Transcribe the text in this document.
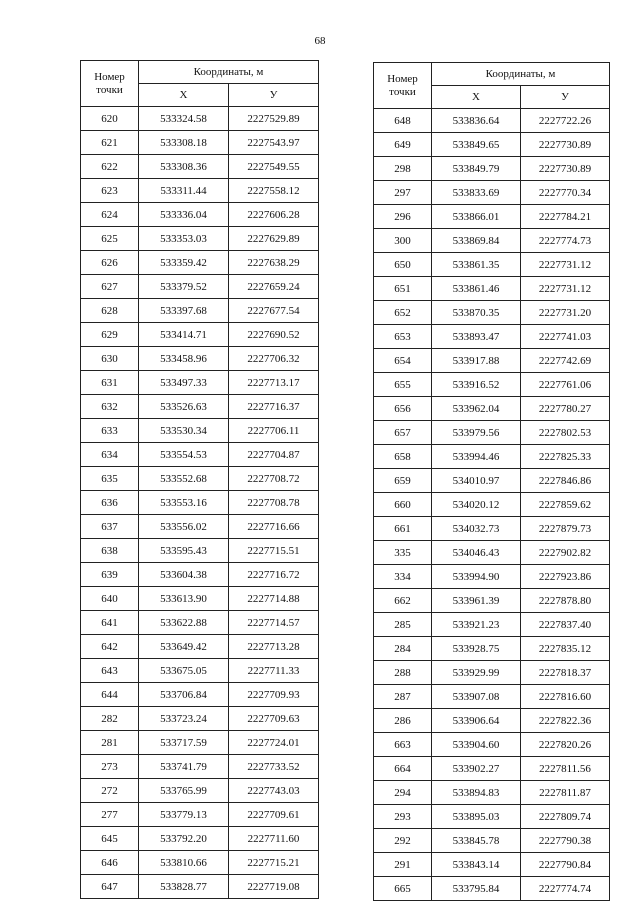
68
Номер
точки	Координаты, м	
	Х	У
620	533324.58	2227529.89
621	533308.18	2227543.97
622	533308.36	2227549.55
623	533311.44	2227558.12
624	533336.04	2227606.28
625	533353.03	2227629.89
626	533359.42	2227638.29
627	533379.52	2227659.24
628	533397.68	2227677.54
629	533414.71	2227690.52
630	533458.96	2227706.32
631	533497.33	2227713.17
632	533526.63	2227716.37
633	533530.34	2227706.11
634	533554.53	2227704.87
635	533552.68	2227708.72
636	533553.16	2227708.78
637	533556.02	2227716.66
638	533595.43	2227715.51
639	533604.38	2227716.72
640	533613.90	2227714.88
641	533622.88	2227714.57
642	533649.42	2227713.28
643	533675.05	2227711.33
644	533706.84	2227709.93
282	533723.24	2227709.63
281	533717.59	2227724.01
273	533741.79	2227733.52
272	533765.99	2227743.03
277	533779.13	2227709.61
645	533792.20	2227711.60
646	533810.66	2227715.21
647	533828.77	2227719.08
Номер
точки	Координаты, м	
	Х	У
648	533836.64	2227722.26
649	533849.65	2227730.89
298	533849.79	2227730.89
297	533833.69	2227770.34
296	533866.01	2227784.21
300	533869.84	2227774.73
650	533861.35	2227731.12
651	533861.46	2227731.12
652	533870.35	2227731.20
653	533893.47	2227741.03
654	533917.88	2227742.69
655	533916.52	2227761.06
656	533962.04	2227780.27
657	533979.56	2227802.53
658	533994.46	2227825.33
659	534010.97	2227846.86
660	534020.12	2227859.62
661	534032.73	2227879.73
335	534046.43	2227902.82
334	533994.90	2227923.86
662	533961.39	2227878.80
285	533921.23	2227837.40
284	533928.75	2227835.12
288	533929.99	2227818.37
287	533907.08	2227816.60
286	533906.64	2227822.36
663	533904.60	2227820.26
664	533902.27	2227811.56
294	533894.83	2227811.87
293	533895.03	2227809.74
292	533845.78	2227790.38
291	533843.14	2227790.84
665	533795.84	2227774.74
